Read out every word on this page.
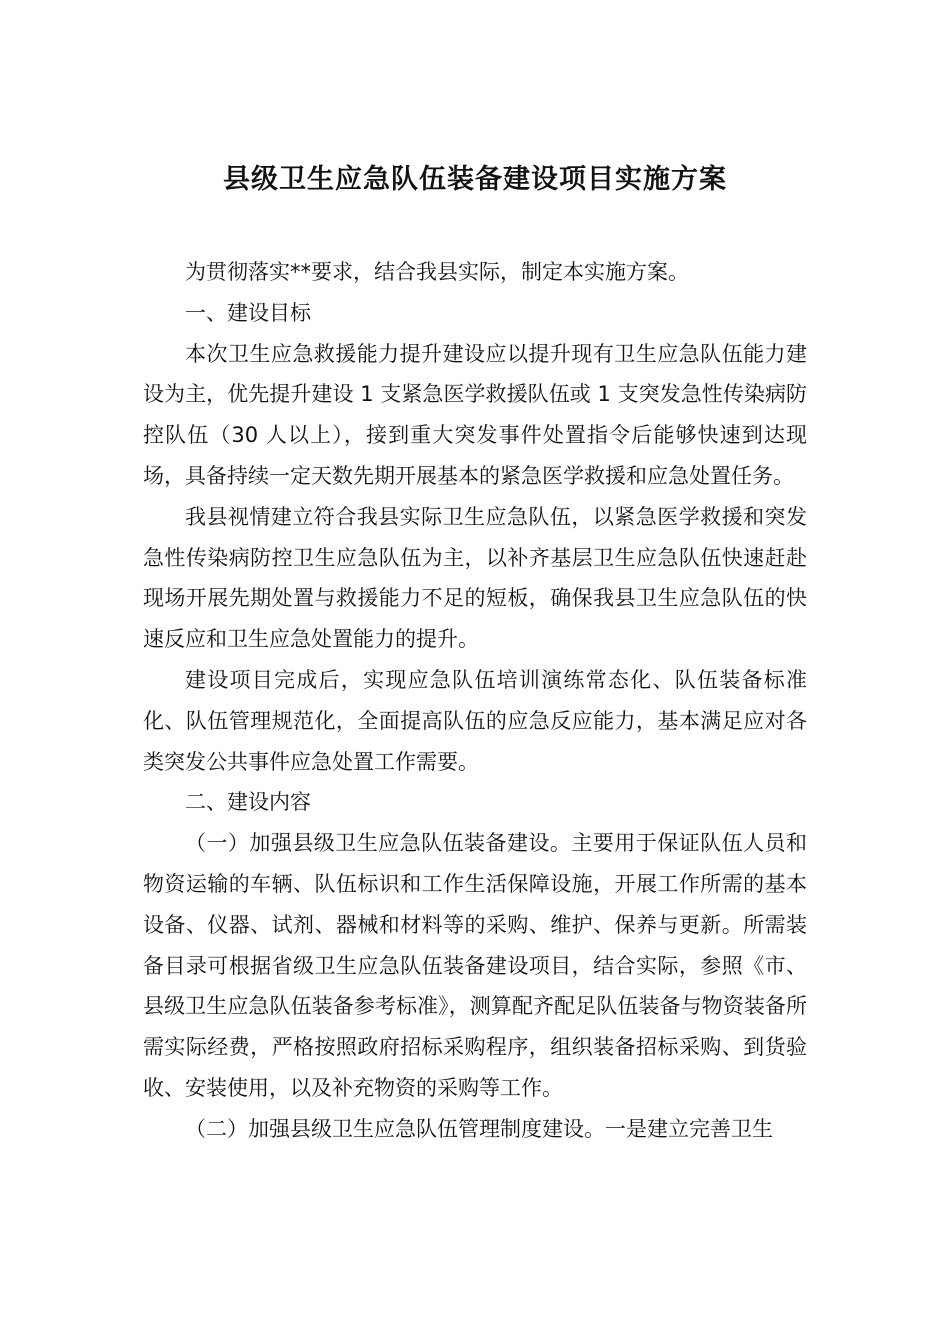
县级卫生应急队伍装备建设项目实施方案

为贯彻落实**要求，结合我县实际，制定本实施方案。

一、建设目标

本次卫生应急救援能力提升建设应以提升现有卫生应急队伍能力建设为主，优先提升建设 1 支紧急医学救援队伍或 1 支突发急性传染病防控队伍（30 人以上），接到重大突发事件处置指令后能够快速到达现场，具备持续一定天数先期开展基本的紧急医学救援和应急处置任务。

我县视情建立符合我县实际卫生应急队伍，以紧急医学救援和突发急性传染病防控卫生应急队伍为主，以补齐基层卫生应急队伍快速赶赴现场开展先期处置与救援能力不足的短板，确保我县卫生应急队伍的快速反应和卫生应急处置能力的提升。

建设项目完成后，实现应急队伍培训演练常态化、队伍装备标准化、队伍管理规范化，全面提高队伍的应急反应能力，基本满足应对各类突发公共事件应急处置工作需要。

二、建设内容

（一）加强县级卫生应急队伍装备建设。主要用于保证队伍人员和物资运输的车辆、队伍标识和工作生活保障设施，开展工作所需的基本设备、仪器、试剂、器械和材料等的采购、维护、保养与更新。所需装备目录可根据省级卫生应急队伍装备建设项目，结合实际，参照《市、县级卫生应急队伍装备参考标准》，测算配齐配足队伍装备与物资装备所需实际经费，严格按照政府招标采购程序，组织装备招标采购、到货验收、安装使用，以及补充物资的采购等工作。

（二）加强县级卫生应急队伍管理制度建设。一是建立完善卫生
